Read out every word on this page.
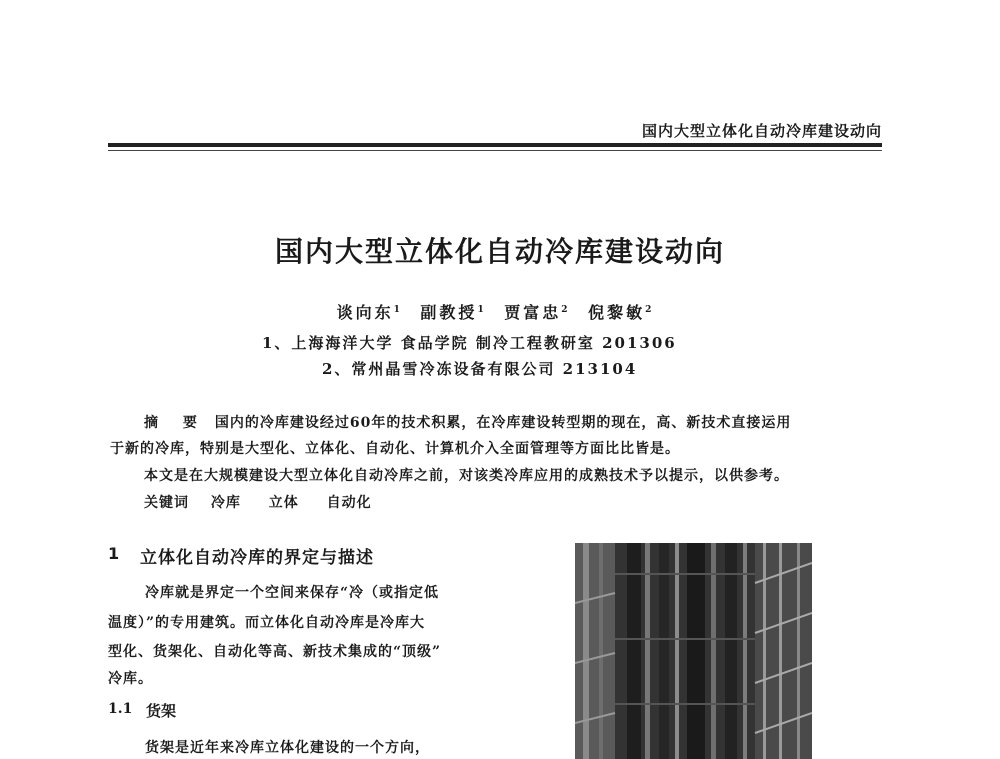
国内大型立体化自动冷库建设动向
国内大型立体化自动冷库建设动向
谈向东$^1$ 副教授$^1$ 贾富忠$^2$ 倪黎敏$^2$
1、上海海洋大学 食品学院 制冷工程教研室 201306
2、常州晶雪冷冻设备有限公司 213104
摘 要 国内的冷库建设经过60年的技术积累，在冷库建设转型期的现在，高、新技术直接运用
于新的冷库，特别是大型化、立体化、自动化、计算机介入全面管理等方面比比皆是。
本文是在大规模建设大型立体化自动冷库之前，对该类冷库应用的成熟技术予以提示，以供参考。
关键词 冷库 立体 自动化
1 立体化自动冷库的界定与描述
冷库就是界定一个空间来保存“冷（或指定低
温度）”的专用建筑。而立体化自动冷库是冷库大
型化、货架化、自动化等高、新技术集成的“顶级”
冷库。
1.1 货架
货架是近年来冷库立体化建设的一个方向，
